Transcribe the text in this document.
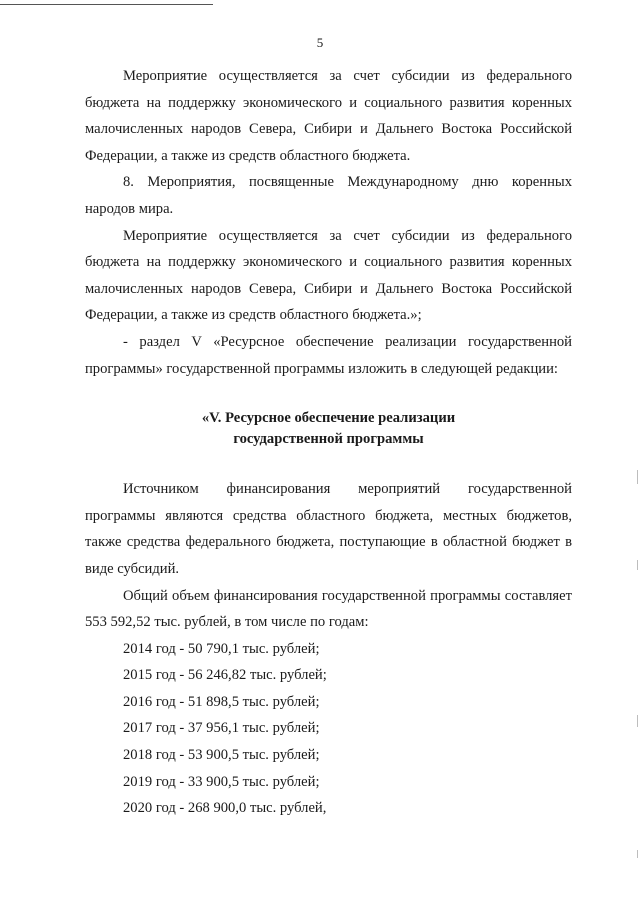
5

Мероприятие осуществляется за счет субсидии из федерального бюджета на поддержку экономического и социального развития коренных малочисленных народов Севера, Сибири и Дальнего Востока Российской Федерации, а также из средств областного бюджета.

8. Мероприятия, посвященные Международному дню коренных народов мира.

Мероприятие осуществляется за счет субсидии из федерального бюджета на поддержку экономического и социального развития коренных малочисленных народов Севера, Сибири и Дальнего Востока Российской Федерации, а также из средств областного бюджета.»;

- раздел V «Ресурсное обеспечение реализации государственной программы» государственной программы изложить в следующей редакции:

«V. Ресурсное обеспечение реализации
государственной программы

Источником финансирования мероприятий государственной программы являются средства областного бюджета, местных бюджетов, также средства федерального бюджета, поступающие в областной бюджет в виде субсидий.

Общий объем финансирования государственной программы составляет 553 592,52 тыс. рублей, в том числе по годам:

2014 год - 50 790,1 тыс. рублей;
2015 год - 56 246,82 тыс. рублей;
2016 год - 51 898,5 тыс. рублей;
2017 год - 37 956,1 тыс. рублей;
2018 год - 53 900,5 тыс. рублей;
2019 год - 33 900,5 тыс. рублей;
2020 год - 268 900,0 тыс. рублей,
